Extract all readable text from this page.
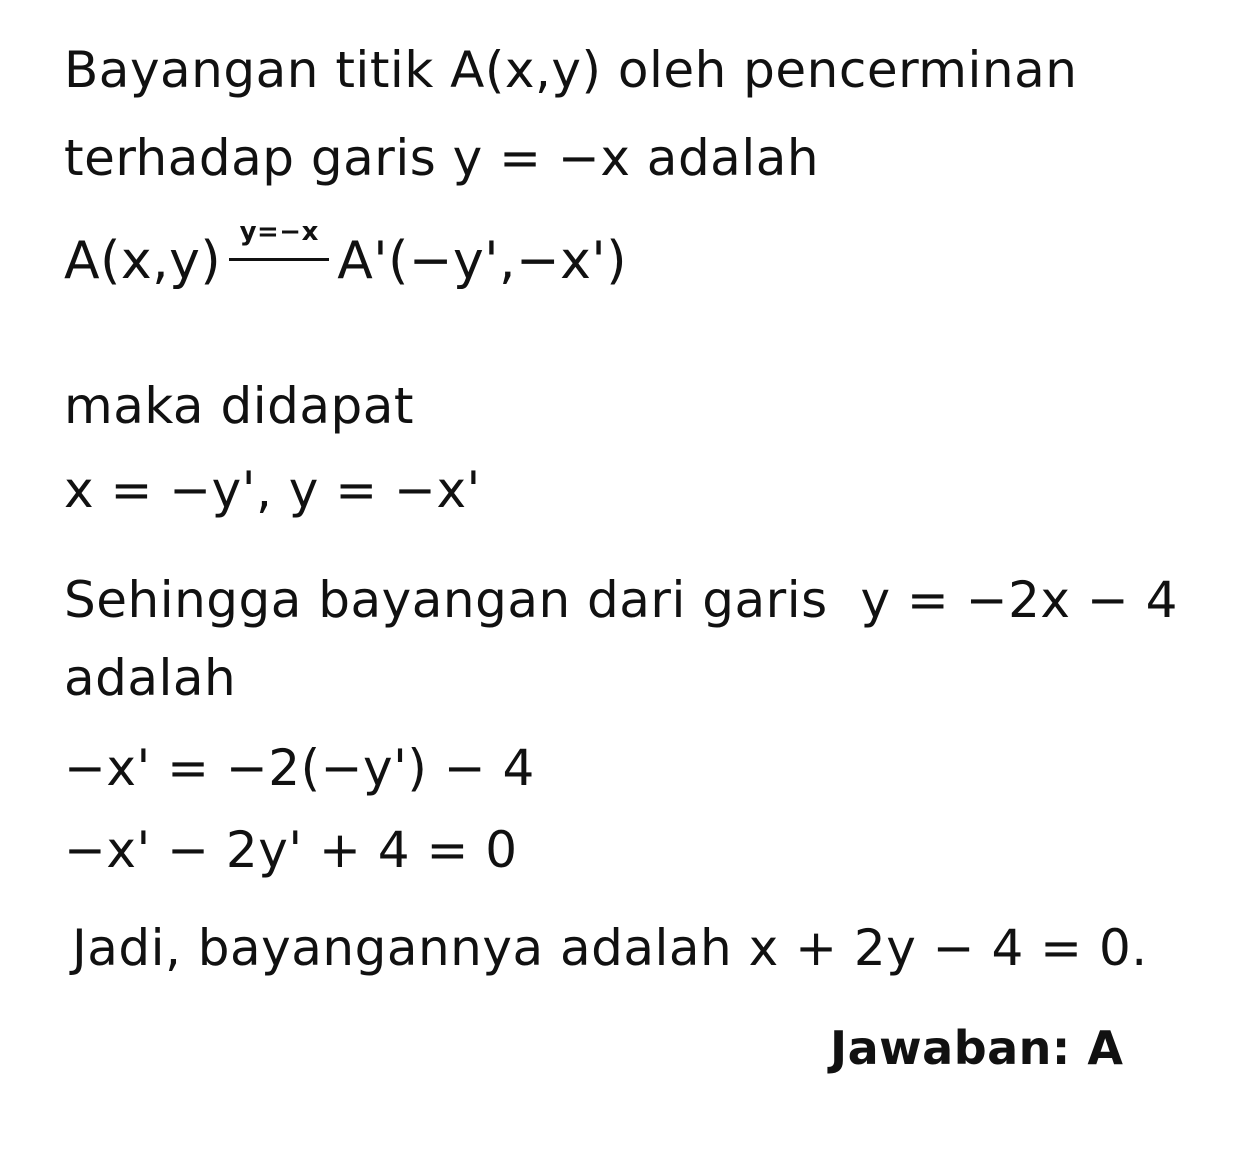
Bayangan titik A(x,y) oleh pencerminan
terhadap garis y = −x adalah
A(x,y) y=−x A'(−y',−x')
maka didapat
x = −y', y = −x'
Sehingga bayangan dari garis y = −2x − 4
adalah
−x' = −2(−y') − 4
−x' − 2y' + 4 = 0
Jadi, bayangannya adalah x + 2y − 4 = 0.
Jawaban: A
